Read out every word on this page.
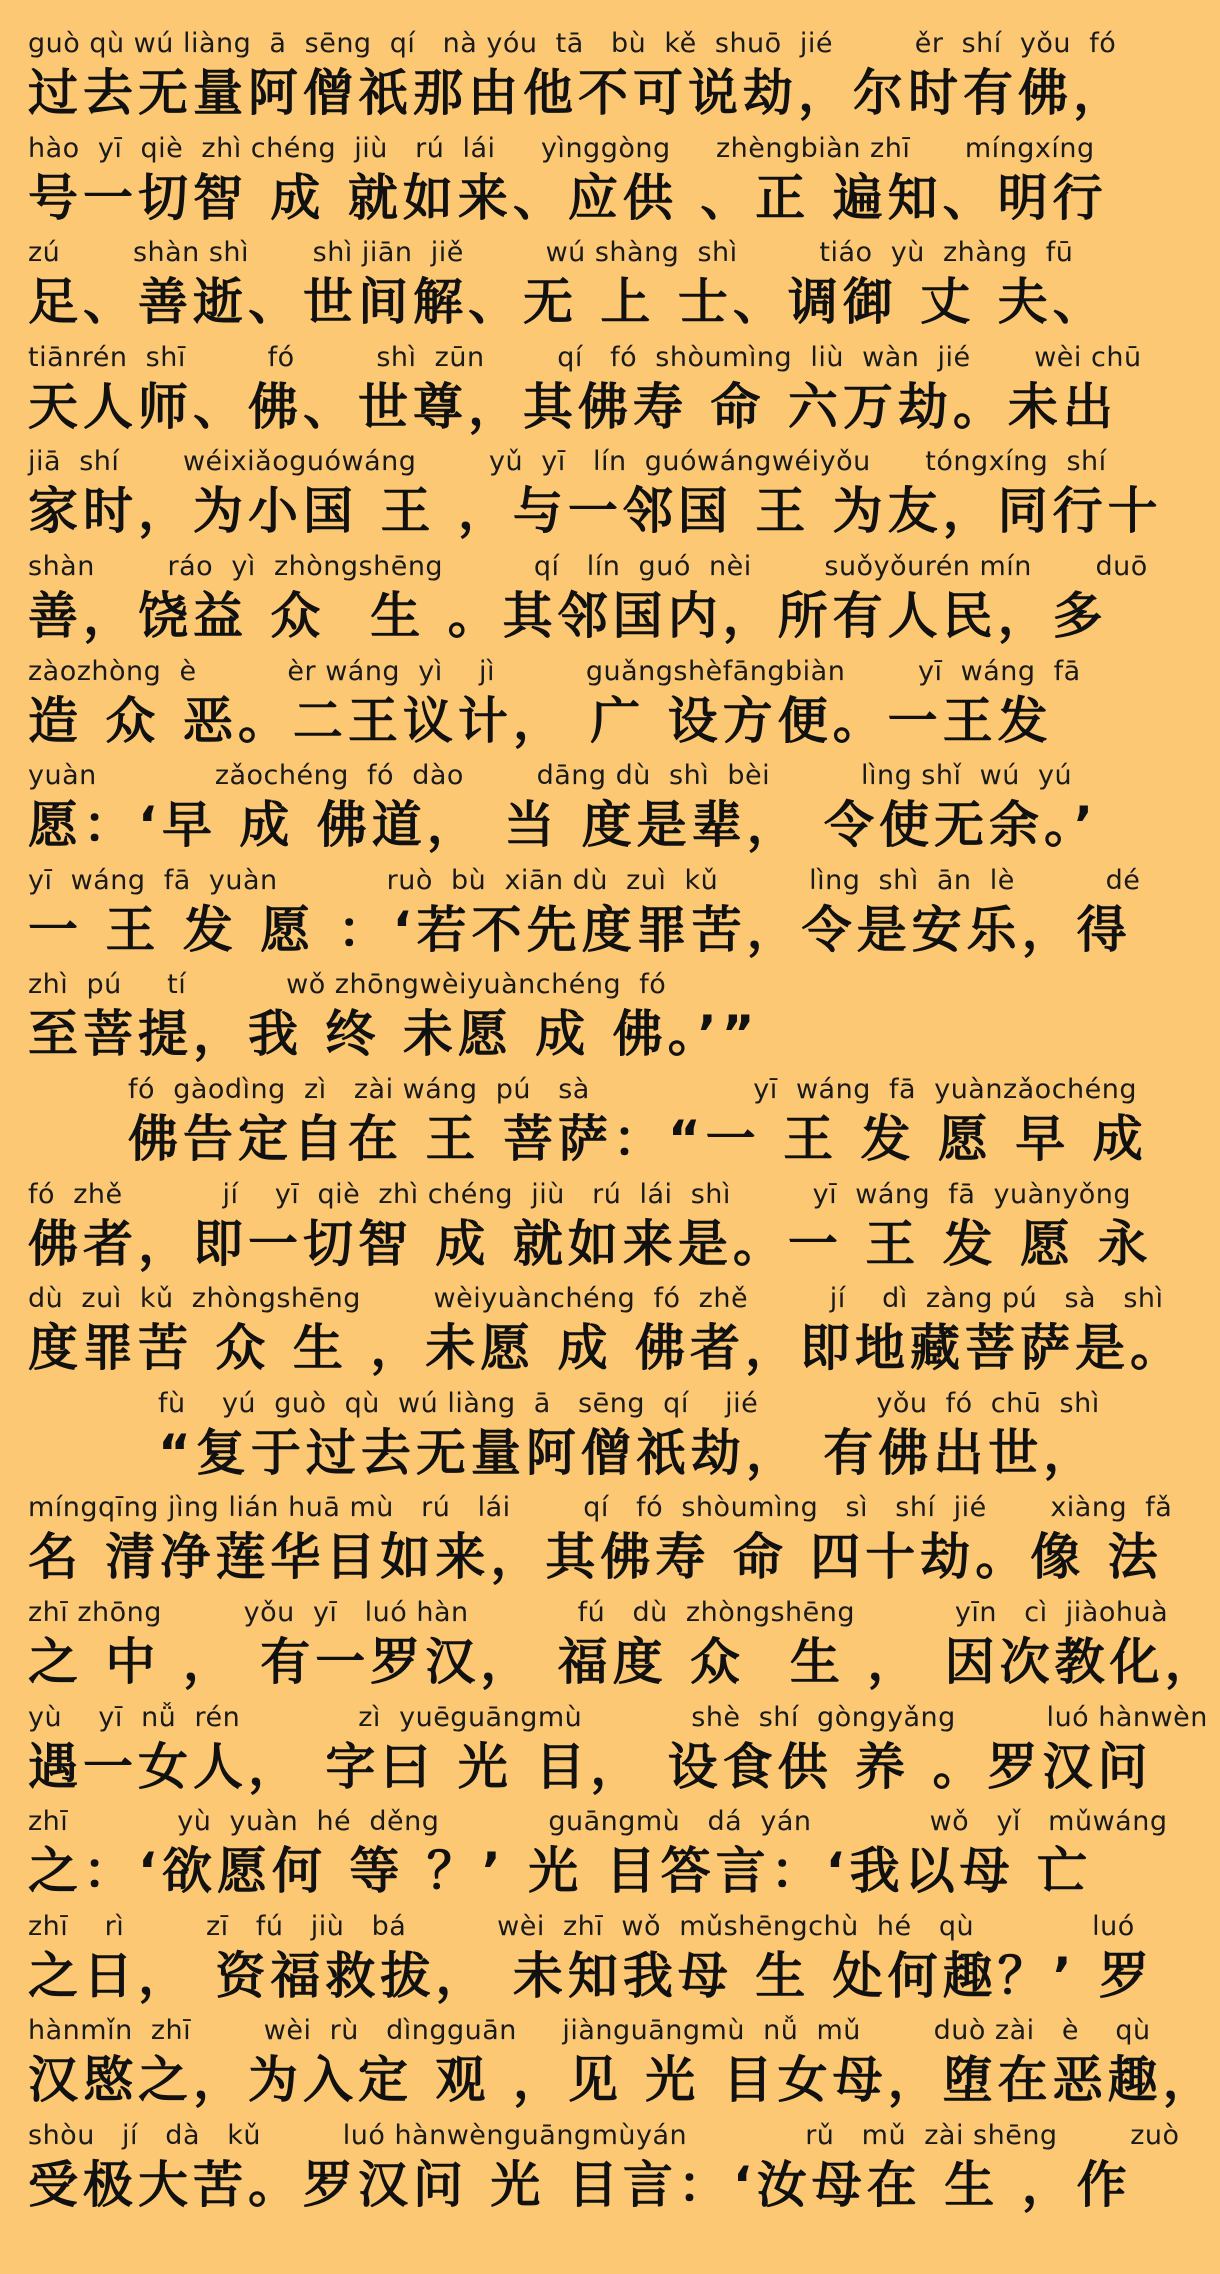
guò qù wú liàng  ā  sēng  qí   nà yóu  tā   bù  kě  shuō  jié         ěr  shí  yǒu  fó
过去无量阿僧祇那由他不可说劫，尔时有佛，
hào  yī  qiè  zhì chéng  jiù   rú  lái     yìnggòng     zhèngbiàn zhī      míngxíng
号一切智 成 就如来、应供 、正 遍知、明行
zú        shàn shì       shì jiān  jiě         wú shàng  shì         tiáo  yù  zhàng  fū
足、善逝、世间解、无 上 士、调御 丈 夫、
tiānrén  shī         fó         shì  zūn        qí   fó  shòumìng  liù  wàn  jié       wèi chū
天人师、佛、世尊，其佛寿 命 六万劫。未出
jiā  shí       wéixiǎoguówáng        yǔ  yī   lín  guówángwéiyǒu      tóngxíng  shí
家时，为小国 王 ，与一邻国 王 为友，同行十
shàn        ráo  yì  zhòngshēng          qí   lín  guó  nèi        suǒyǒurén mín       duō
善，饶益 众  生 。其邻国内，所有人民，多
zàozhòng  è          èr wáng  yì    jì          guǎngshèfāngbiàn        yī  wáng  fā
造 众 恶。二王议计， 广 设方便。一王发
yuàn             zǎochéng  fó  dào        dāng dù  shì  bèi          lìng shǐ  wú  yú
愿：‘早 成 佛道， 当 度是辈， 令使无余。’
yī  wáng  fā  yuàn            ruò  bù  xiān dù  zuì  kǔ          lìng  shì  ān  lè          dé
一 王 发 愿 ：‘若不先度罪苦，令是安乐，得
zhì  pú     tí           wǒ zhōngwèiyuànchéng  fó
至菩提，我 终 未愿 成 佛。’”
fó  gàodìng  zì   zài wáng  pú   sà                  yī  wáng  fā  yuànzǎochéng
佛告定自在 王 菩萨：“一 王 发 愿 早 成
fó  zhě           jí    yī  qiè  zhì chéng  jiù   rú  lái  shì         yī  wáng  fā  yuànyǒng
佛者，即一切智 成 就如来是。一 王 发 愿 永
dù  zuì  kǔ  zhòngshēng        wèiyuànchéng  fó  zhě         jí    dì  zàng pú   sà   shì
度罪苦 众 生 ，未愿 成 佛者，即地藏菩萨是。
fù    yú  guò  qù  wú liàng  ā   sēng  qí    jié             yǒu  fó  chū  shì
“复于过去无量阿僧祇劫， 有佛出世，
míngqīng jìng lián huā mù   rú   lái        qí   fó  shòumìng   sì   shí  jié       xiàng  fǎ
名 清净莲华目如来，其佛寿 命 四十劫。像 法
zhī zhōng         yǒu  yī   luó hàn            fú   dù  zhòngshēng           yīn   cì  jiàohuà
之 中 ， 有一罗汉， 福度 众  生 ， 因次教化，
yù    yī  nǚ  rén             zì  yuēguāngmù            shè  shí  gòngyǎng          luó hànwèn
遇一女人， 字曰 光 目， 设食供 养 。罗汉问
zhī            yù  yuàn  hé  děng            guāngmù   dá  yán             wǒ   yǐ   mǔwáng
之：‘欲愿何 等 ？’ 光 目答言：‘我以母 亡
zhī    rì         zī   fú   jiù   bá          wèi  zhī  wǒ  mǔshēngchù  hé   qù             luó
之日， 资福救拔， 未知我母 生 处何趣？’ 罗
hànmǐn  zhī        wèi  rù   dìngguān     jiànguāngmù  nǚ  mǔ        duò zài   è    qù
汉愍之，为入定 观 ，见 光 目女母，堕在恶趣，
shòu   jí   dà   kǔ         luó hànwènguāngmùyán             rǔ   mǔ  zài shēng        zuò
受极大苦。罗汉问 光 目言：‘汝母在 生 ，作
